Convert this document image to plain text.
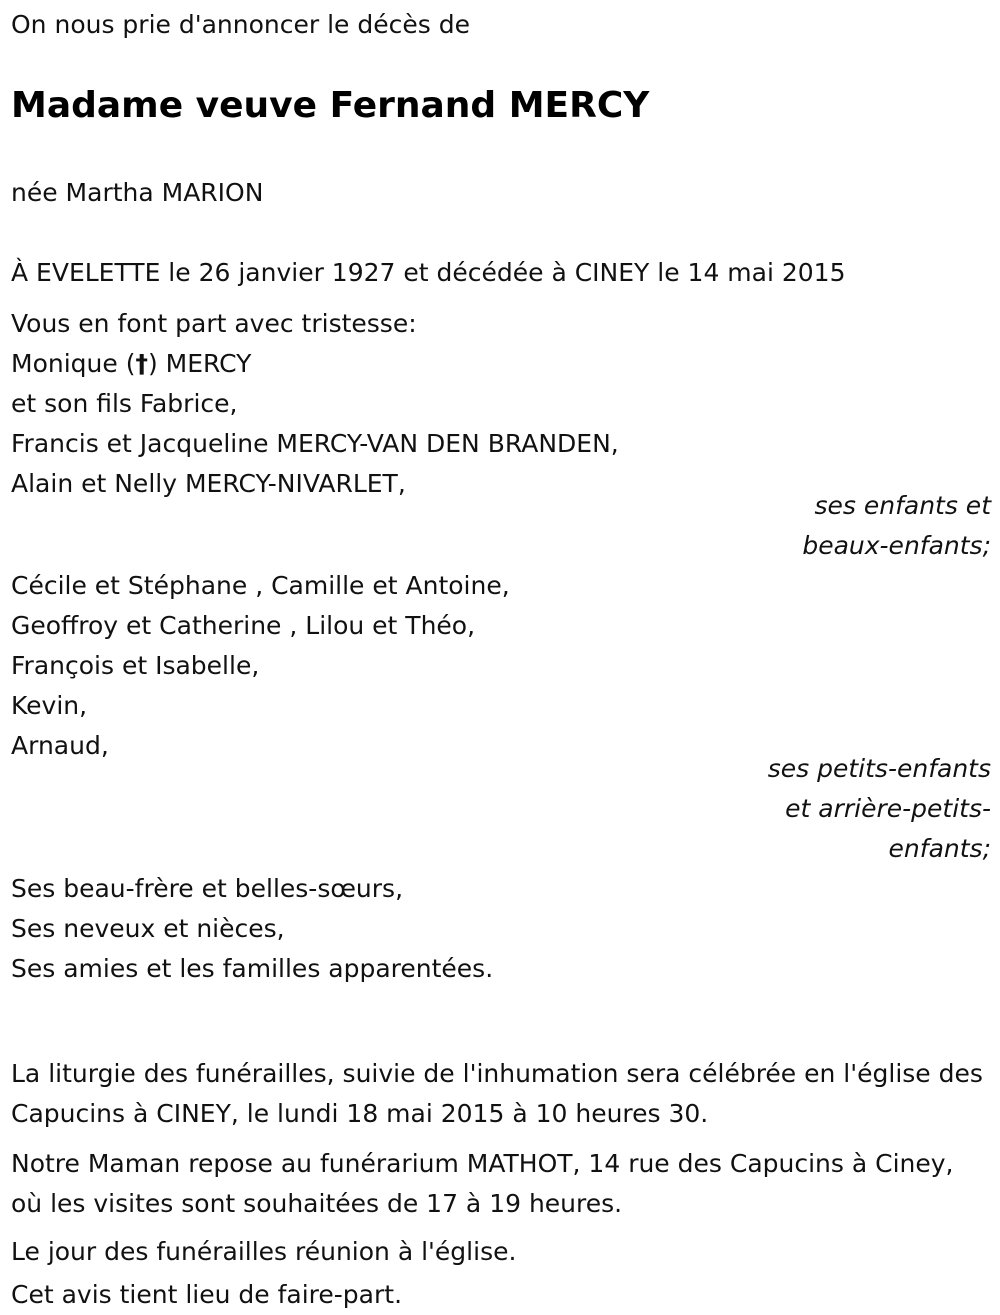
On nous prie d'annoncer le décès de

Madame veuve Fernand MERCY

née Martha MARION

À EVELETTE le 26 janvier 1927 et décédée à CINEY le 14 mai 2015

Vous en font part avec tristesse:

Monique (†) MERCY

et son fils Fabrice,

Francis et Jacqueline MERCY-VAN DEN BRANDEN,

Alain et Nelly MERCY-NIVARLET,

ses enfants et
beaux-enfants;

Cécile et Stéphane , Camille et Antoine,

Geoffroy et Catherine , Lilou et Théo,

François et Isabelle,

Kevin,

Arnaud,

ses petits-enfants
et arrière-petits-
enfants;

Ses beau-frère et belles-sœurs,

Ses neveux et nièces,

Ses amies et les familles apparentées.

La liturgie des funérailles, suivie de l'inhumation sera célébrée en l'église des Capucins à CINEY, le lundi 18 mai 2015 à 10 heures 30.

Notre Maman repose au funérarium MATHOT, 14 rue des Capucins à Ciney, où les visites sont souhaitées de 17 à 19 heures.

Le jour des funérailles réunion à l'église.

Cet avis tient lieu de faire-part.
